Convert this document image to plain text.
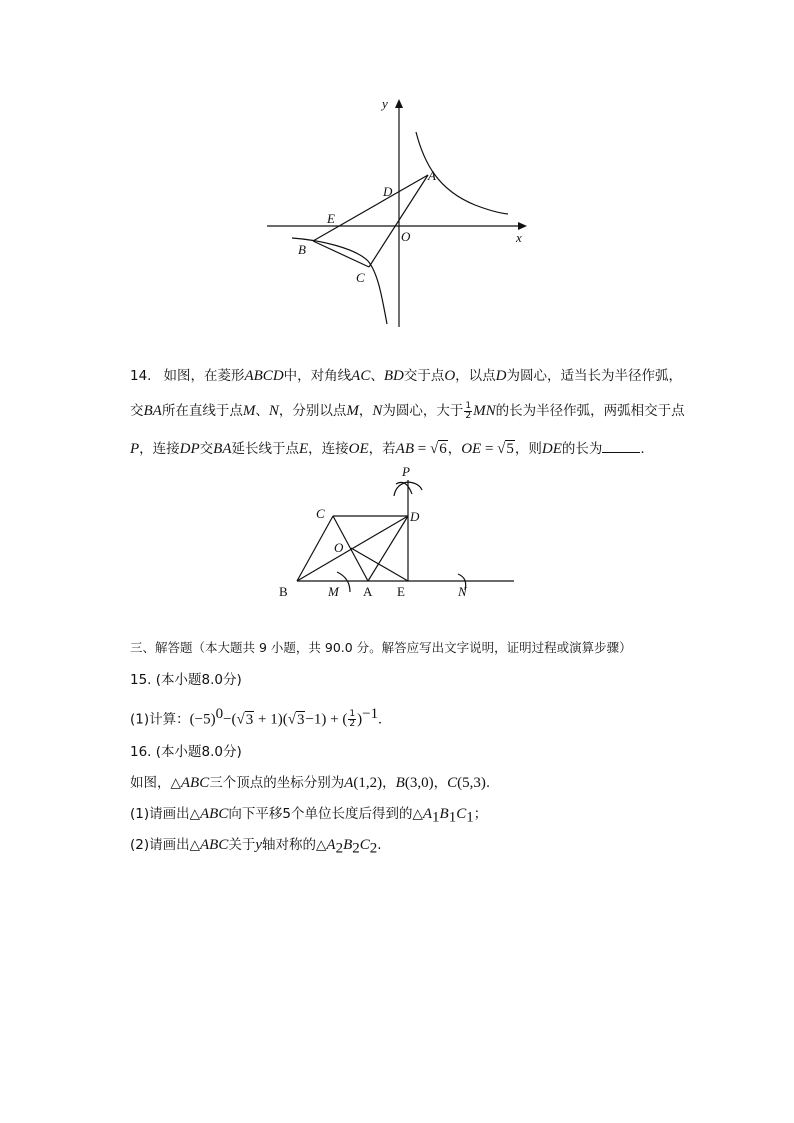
y
x
A
D
E
O
B
C
14. 如图，在菱形ABCD中，对角线AC、BD交于点O，以点D为圆心，适当长为半径作弧，
交BA所在直线于点M、N，分别以点M，N为圆心，大于 $\frac{1}{2}$ MN的长为半径作弧，两弧相交于点
P，连接DP交BA延长线于点E，连接OE，若AB = √6，OE = √5，则DE的长为	.
P
C	D
O
B	M A E	N
三、解答题（本大题共 9 小题，共 90.0 分。解答应写出文字说明，证明过程或演算步骤）
15. (本小题8.0分)
(1)计算：$(-5)^0-(√3 + 1)(√3-1)$ + ( $\frac{1}{2} )^{-1}$.
16. (本小题8.0分)
如图，△ABC三个顶点的坐标分别为A(1,2)，B(3,0)，C(5,3).
(1)请画出△ABC向下平移5个单位长度后得到的$\triangle A_1B_1C_1$；
(2)请画出△ABC关于y轴对称的$\triangle A_2B_2C_2$.
